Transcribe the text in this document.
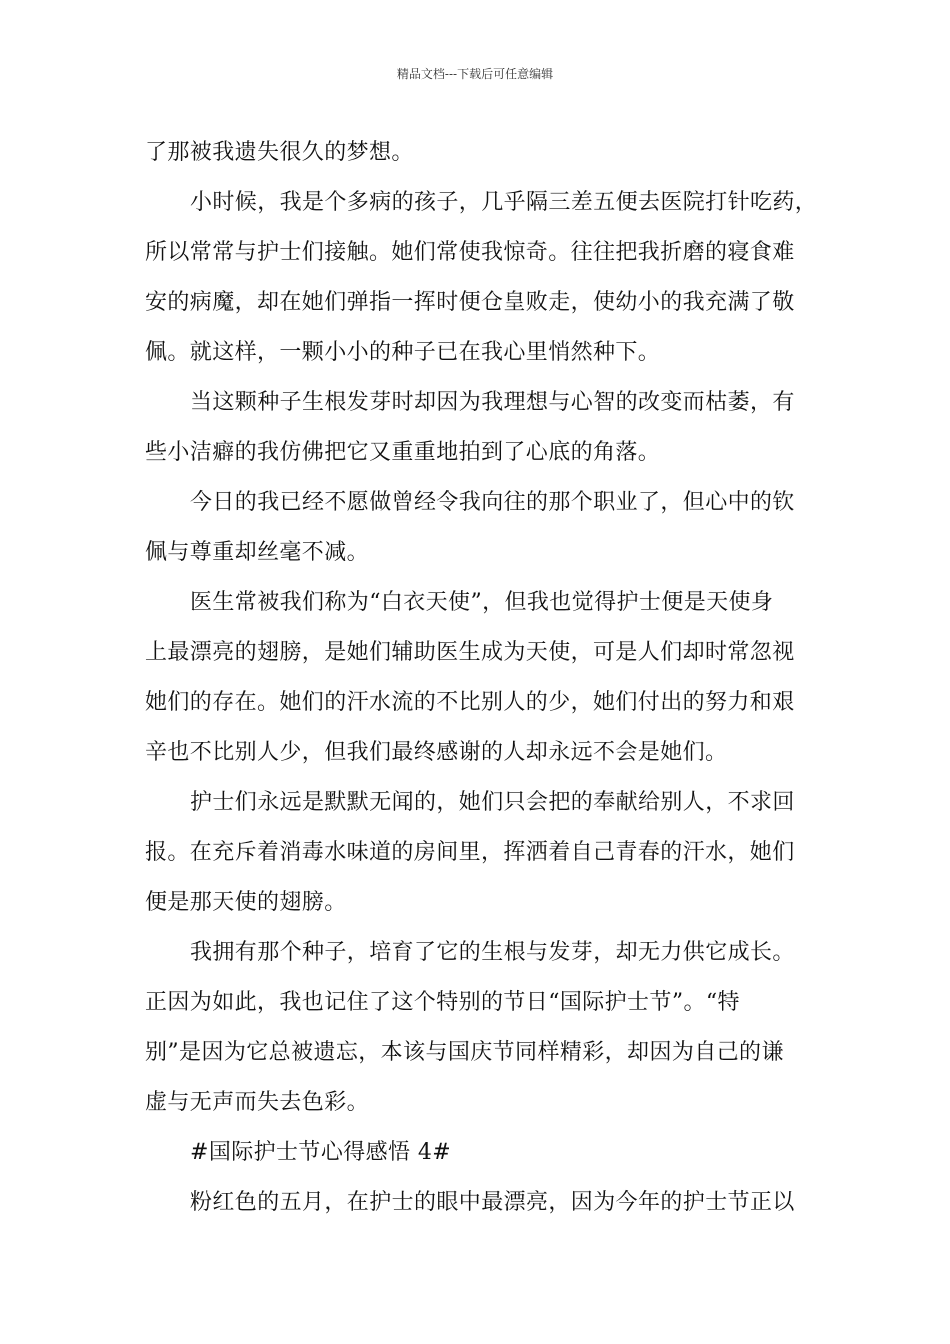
精品文档---下载后可任意编辑

了那被我遗失很久的梦想。

小时候，我是个多病的孩子，几乎隔三差五便去医院打针吃药，
所以常常与护士们接触。她们常使我惊奇。往往把我折磨的寝食难
安的病魔，却在她们弹指一挥时便仓皇败走，使幼小的我充满了敬
佩。就这样，一颗小小的种子已在我心里悄然种下。

当这颗种子生根发芽时却因为我理想与心智的改变而枯萎，有
些小洁癖的我仿佛把它又重重地拍到了心底的角落。

今日的我已经不愿做曾经令我向往的那个职业了，但心中的钦
佩与尊重却丝毫不减。

医生常被我们称为“白衣天使”，但我也觉得护士便是天使身
上最漂亮的翅膀，是她们辅助医生成为天使，可是人们却时常忽视
她们的存在。她们的汗水流的不比别人的少，她们付出的努力和艰
辛也不比别人少，但我们最终感谢的人却永远不会是她们。

护士们永远是默默无闻的，她们只会把的奉献给别人，不求回
报。在充斥着消毒水味道的房间里，挥洒着自己青春的汗水，她们
便是那天使的翅膀。

我拥有那个种子，培育了它的生根与发芽，却无力供它成长。
正因为如此，我也记住了这个特别的节日“国际护士节”。“特
别”是因为它总被遗忘，本该与国庆节同样精彩，却因为自己的谦
虚与无声而失去色彩。

#国际护士节心得感悟 4#

粉红色的五月，在护士的眼中最漂亮，因为今年的护士节正以
